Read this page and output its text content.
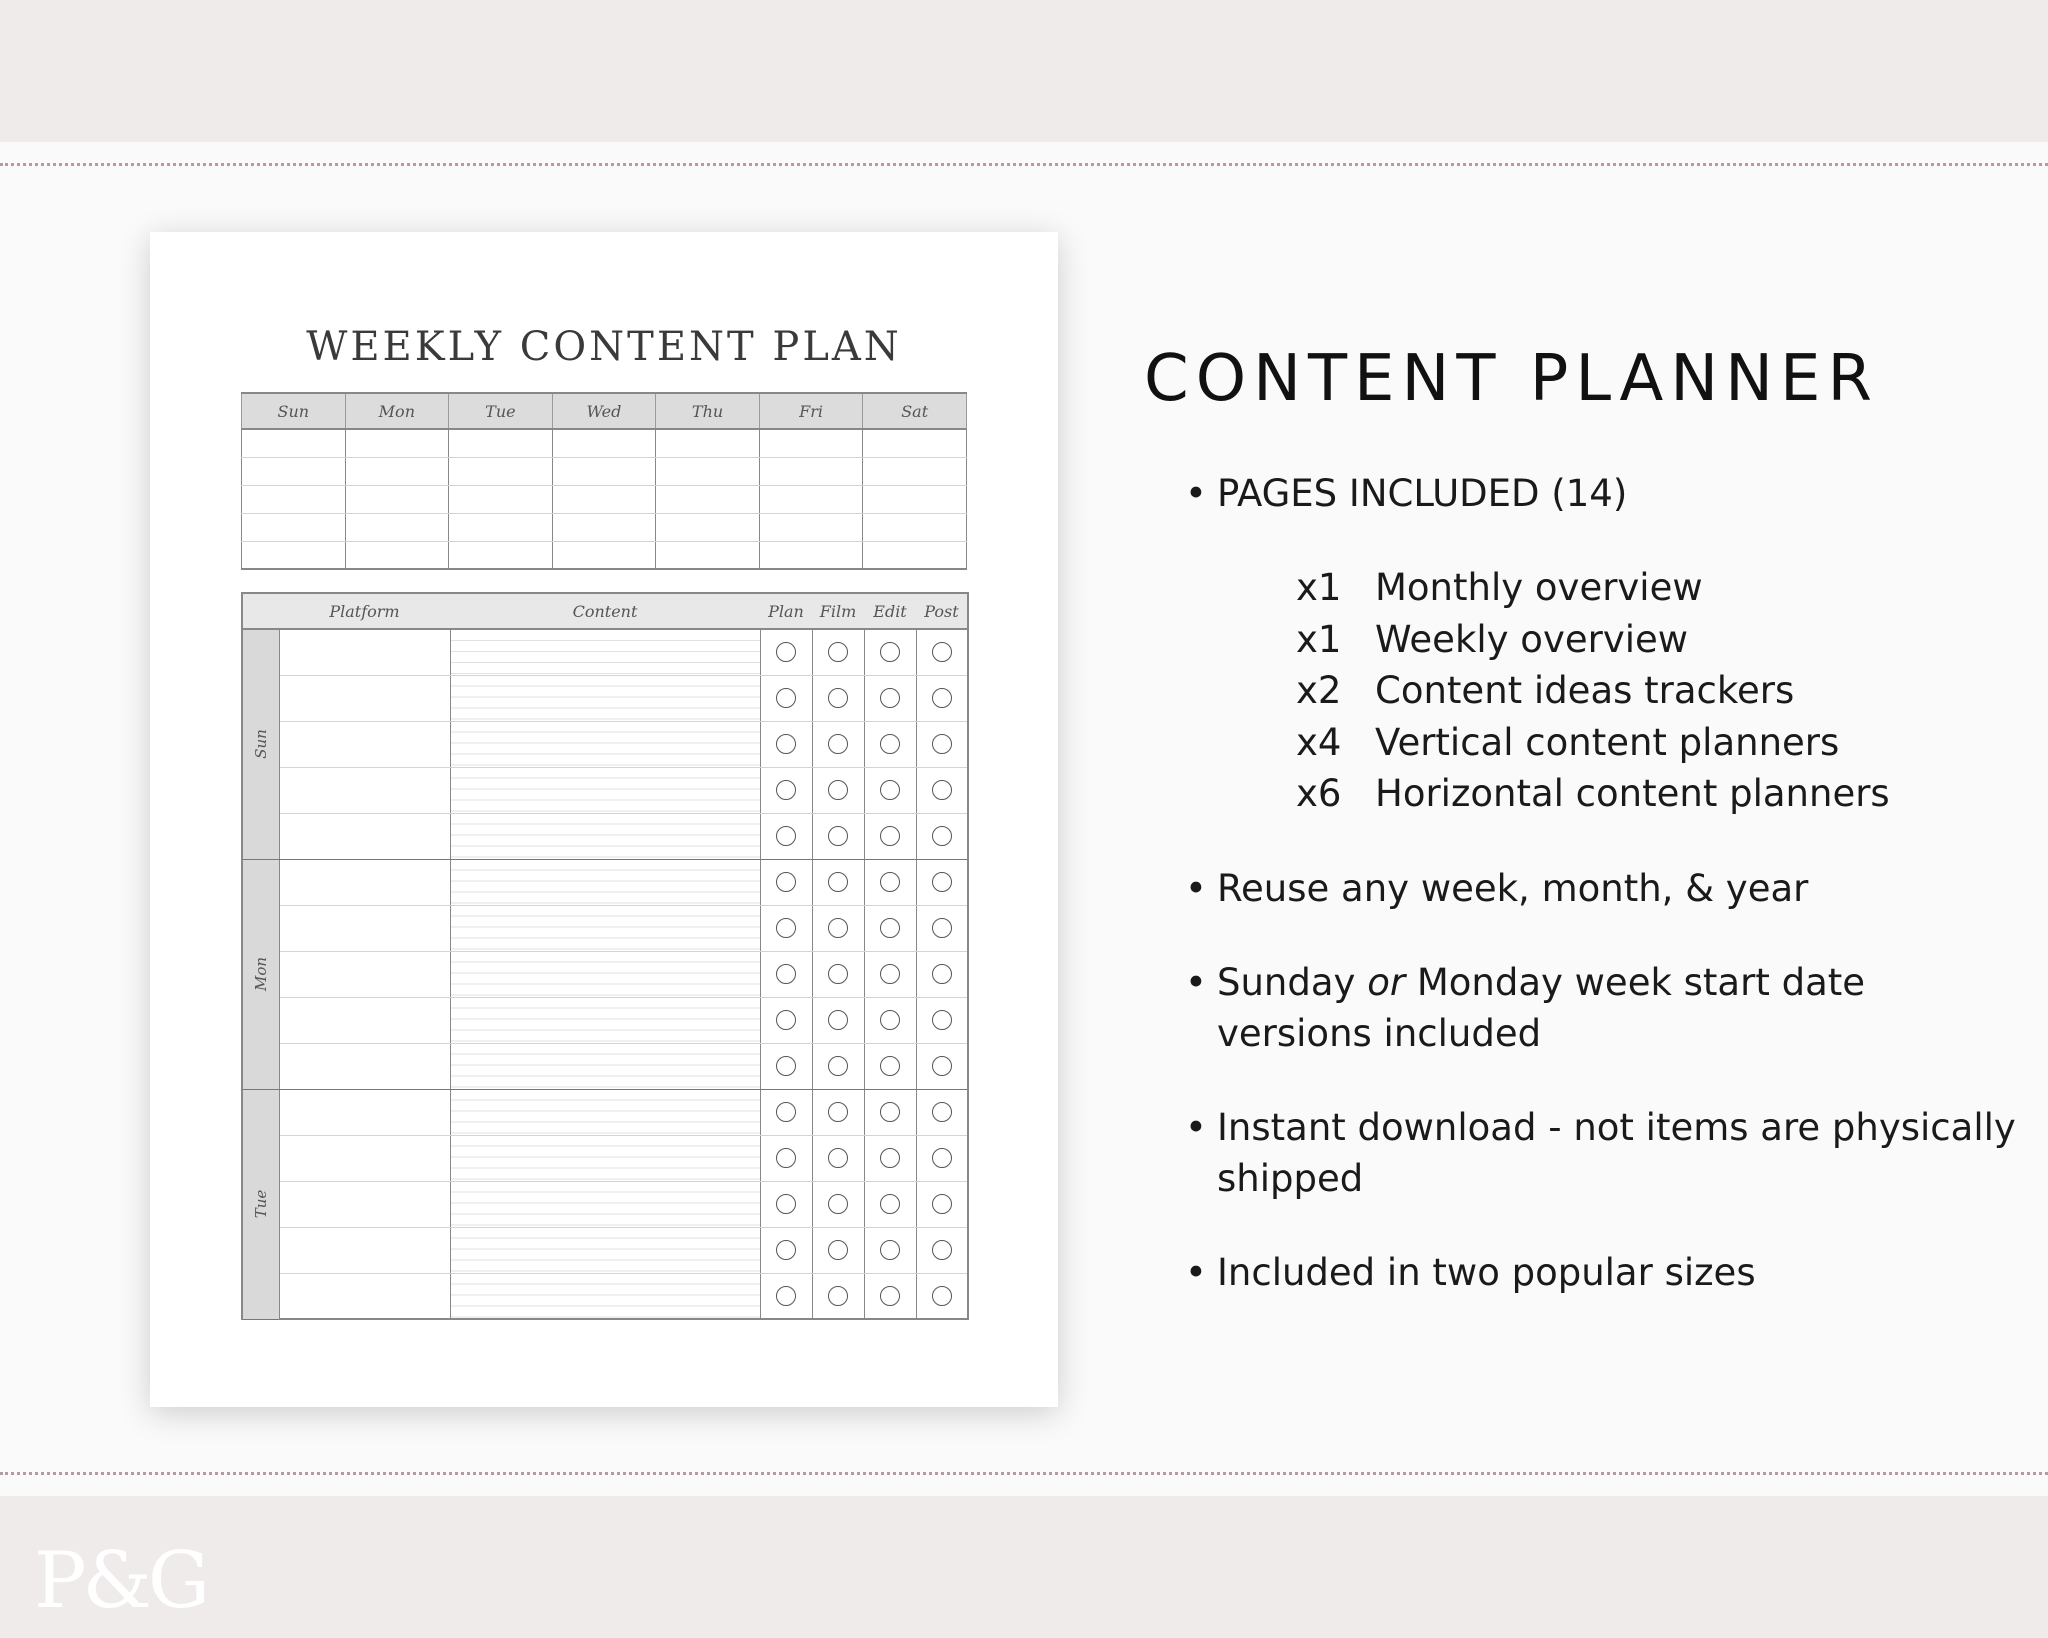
P&G
WEEKLY CONTENT PLAN
Sun	Mon	Tue	Wed	Thu	Fri	Sat

	Platform	Content	Plan	Film	Edit	Post

Sun						

Mon						

Tue						

CONTENT PLANNER
• PAGES INCLUDED (14)
x1 Monthly overview
x1 Weekly overview
x2 Content ideas trackers
x4 Vertical content planners
x6 Horizontal content planners
• Reuse any week, month, & year
• Sunday or Monday week start date versions included
• Instant download - not items are physically shipped
• Included in two popular sizes
